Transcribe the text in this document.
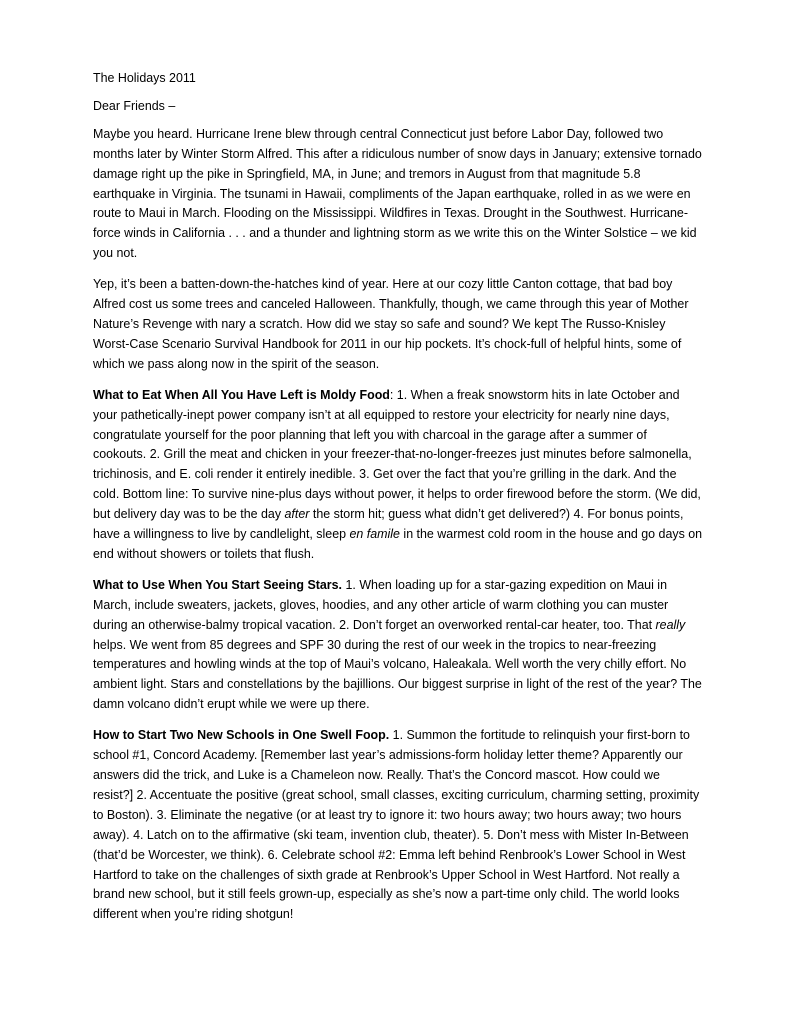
The Holidays 2011

Dear Friends –

Maybe you heard. Hurricane Irene blew through central Connecticut just before Labor Day, followed two months later by Winter Storm Alfred. This after a ridiculous number of snow days in January; extensive tornado damage right up the pike in Springfield, MA, in June; and tremors in August from that magnitude 5.8 earthquake in Virginia. The tsunami in Hawaii, compliments of the Japan earthquake, rolled in as we were en route to Maui in March. Flooding on the Mississippi. Wildfires in Texas. Drought in the Southwest. Hurricane-force winds in California . . . and a thunder and lightning storm as we write this on the Winter Solstice – we kid you not.

Yep, it’s been a batten-down-the-hatches kind of year. Here at our cozy little Canton cottage, that bad boy Alfred cost us some trees and canceled Halloween. Thankfully, though, we came through this year of Mother Nature’s Revenge with nary a scratch. How did we stay so safe and sound? We kept The Russo-Knisley Worst-Case Scenario Survival Handbook for 2011 in our hip pockets. It’s chock-full of helpful hints, some of which we pass along now in the spirit of the season.

What to Eat When All You Have Left is Moldy Food: 1. When a freak snowstorm hits in late October and your pathetically-inept power company isn’t at all equipped to restore your electricity for nearly nine days, congratulate yourself for the poor planning that left you with charcoal in the garage after a summer of cookouts. 2. Grill the meat and chicken in your freezer-that-no-longer-freezes just minutes before salmonella, trichinosis, and E. coli render it entirely inedible. 3. Get over the fact that you’re grilling in the dark. And the cold. Bottom line: To survive nine-plus days without power, it helps to order firewood before the storm. (We did, but delivery day was to be the day after the storm hit; guess what didn’t get delivered?) 4. For bonus points, have a willingness to live by candlelight, sleep en famile in the warmest cold room in the house and go days on end without showers or toilets that flush.

What to Use When You Start Seeing Stars. 1. When loading up for a star-gazing expedition on Maui in March, include sweaters, jackets, gloves, hoodies, and any other article of warm clothing you can muster during an otherwise-balmy tropical vacation. 2. Don’t forget an overworked rental-car heater, too. That really helps. We went from 85 degrees and SPF 30 during the rest of our week in the tropics to near-freezing temperatures and howling winds at the top of Maui’s volcano, Haleakala. Well worth the very chilly effort. No ambient light. Stars and constellations by the bajillions. Our biggest surprise in light of the rest of the year? The damn volcano didn’t erupt while we were up there.

How to Start Two New Schools in One Swell Foop. 1. Summon the fortitude to relinquish your first-born to school #1, Concord Academy. [Remember last year’s admissions-form holiday letter theme? Apparently our answers did the trick, and Luke is a Chameleon now. Really. That’s the Concord mascot. How could we resist?] 2. Accentuate the positive (great school, small classes, exciting curriculum, charming setting, proximity to Boston). 3. Eliminate the negative (or at least try to ignore it: two hours away; two hours away; two hours away). 4. Latch on to the affirmative (ski team, invention club, theater). 5. Don’t mess with Mister In-Between (that’d be Worcester, we think). 6. Celebrate school #2: Emma left behind Renbrook’s Lower School in West Hartford to take on the challenges of sixth grade at Renbrook’s Upper School in West Hartford. Not really a brand new school, but it still feels grown-up, especially as she’s now a part-time only child. The world looks different when you’re riding shotgun!
